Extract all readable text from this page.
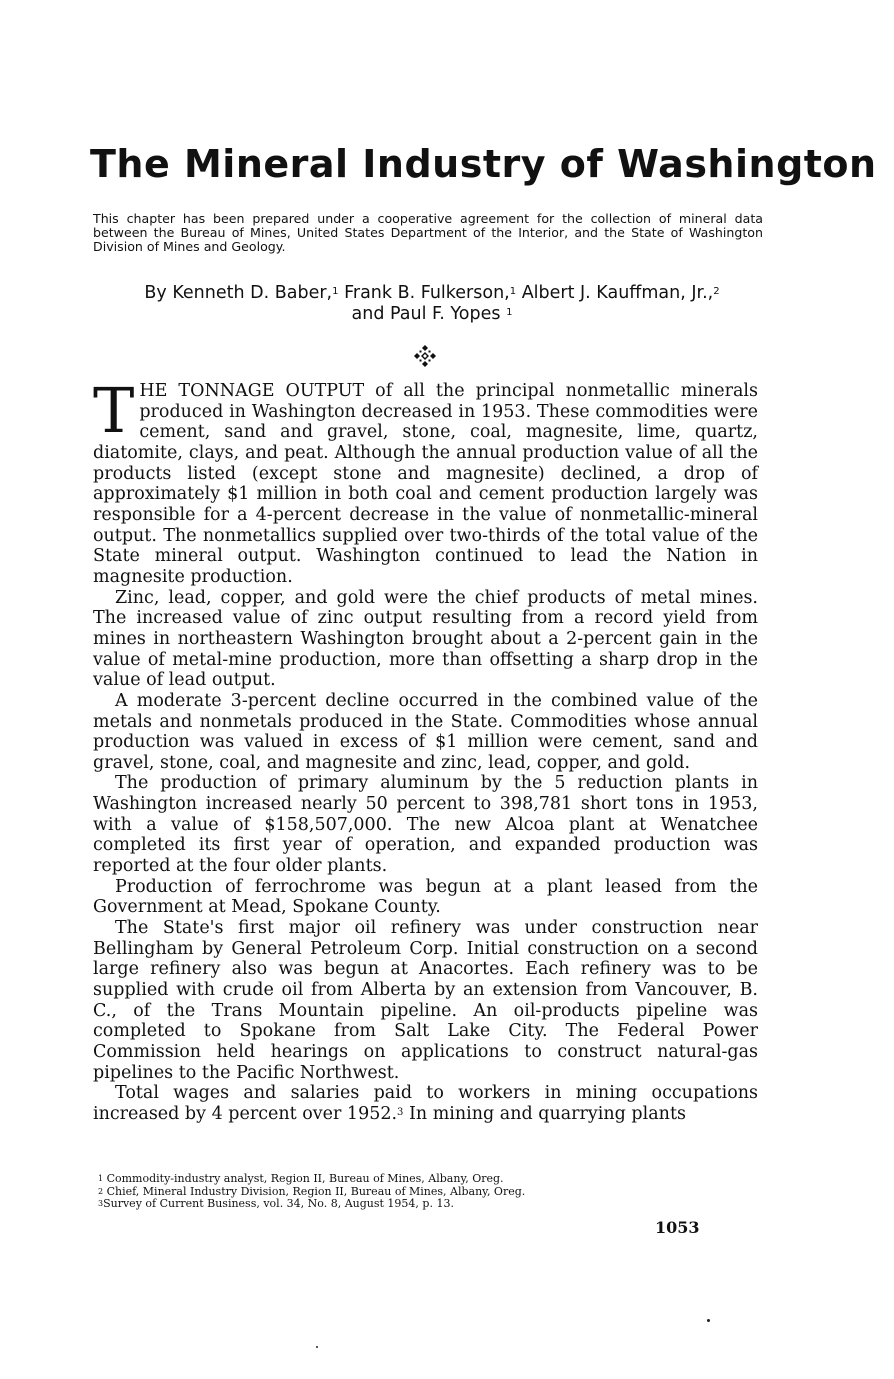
The Mineral Industry of Washington

This chapter has been prepared under a cooperative agreement for the collection of mineral data between the Bureau of Mines, United States Department of the Interior, and the State of Washington Division of Mines and Geology.

By Kenneth D. Baber,$^1$ Frank B. Fulkerson,$^1$ Albert J. Kauffman, Jr.,$^2$
and Paul F. Yopes $^1$

THE TONNAGE OUTPUT of all the principal nonmetallic minerals produced in Washington decreased in 1953. These commodities were cement, sand and gravel, stone, coal, magnesite, lime, quartz, diatomite, clays, and peat. Although the annual production value of all the products listed (except stone and magnesite) declined, a drop of approximately $1 million in both coal and cement production largely was responsible for a 4-percent decrease in the value of nonmetallic-mineral output. The nonmetallics supplied over two-thirds of the total value of the State mineral output. Washington continued to lead the Nation in magnesite production.

Zinc, lead, copper, and gold were the chief products of metal mines. The increased value of zinc output resulting from a record yield from mines in northeastern Washington brought about a 2-percent gain in the value of metal-mine production, more than offsetting a sharp drop in the value of lead output.

A moderate 3-percent decline occurred in the combined value of the metals and nonmetals produced in the State. Commodities whose annual production was valued in excess of $1 million were cement, sand and gravel, stone, coal, and magnesite and zinc, lead, copper, and gold.

The production of primary aluminum by the 5 reduction plants in Washington increased nearly 50 percent to 398,781 short tons in 1953, with a value of $158,507,000. The new Alcoa plant at Wenatchee completed its first year of operation, and expanded production was reported at the four older plants.

Production of ferrochrome was begun at a plant leased from the Government at Mead, Spokane County.

The State's first major oil refinery was under construction near Bellingham by General Petroleum Corp. Initial construction on a second large refinery also was begun at Anacortes. Each refinery was to be supplied with crude oil from Alberta by an extension from Vancouver, B. C., of the Trans Mountain pipeline. An oil-products pipeline was completed to Spokane from Salt Lake City. The Federal Power Commission held hearings on applications to construct natural-gas pipelines to the Pacific Northwest.

Total wages and salaries paid to workers in mining occupations increased by 4 percent over 1952.$^3$ In mining and quarrying plants

$^1$ Commodity-industry analyst, Region II, Bureau of Mines, Albany, Oreg.
$^2$ Chief, Mineral Industry Division, Region II, Bureau of Mines, Albany, Oreg.
$^3$Survey of Current Business, vol. 34, No. 8, August 1954, p. 13.

1053
